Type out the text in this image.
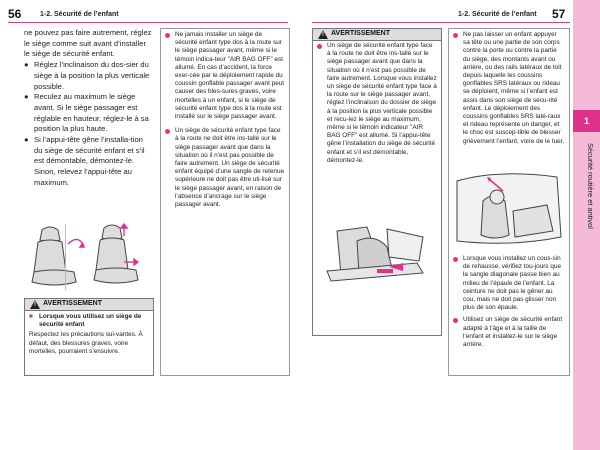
56	1-2. Sécurité de l’enfant	1-2. Sécurité de l’enfant 57
1
Sécurité routière et antivol
ne pouvez pas faire autrement, réglez le siège comme suit avant d’installer le siège de sécurité enfant.
● Réglez l’inclinaison du dos-sier du siège à la position la plus verticale possible.
● Reculez au maximum le siège avant. Si le siège passager est réglable en hauteur, réglez-le à sa position la plus haute.
● Si l’appui-tête gêne l’installa-tion du siège de sécurité enfant et s’il est démontable, démontez-le. Sinon, relevez l’appui-tête au maximum.
! AVERTISSEMENT
■ Lorsque vous utilisez un siège de sécurité enfant
Respectez les précautions sui-vantes. À défaut, des blessures graves, voire mortelles, pourraient s’ensuivre.
Ne jamais installer un siège de sécurité enfant type dos à la route sur le siège passager avant, même si le témoin indica-teur "AIR BAG OFF" est allumé. En cas d’accident, la force exer-cée par le déploiement rapide du coussin gonflable passager avant peut causer des bles-sures graves, voire mortelles à un enfant, si le siège de sécurité enfant type dos à la route est installé sur le siège passager avant.
Un siège de sécurité enfant type face à la route ne doit être ins-tallé sur le siège passager avant que dans la situation où il n’est pas possible de faire autrement. Un siège de sécurité enfant équipé d’une sangle de retenue supérieure ne doit pas être uti-lisé sur le siège passager avant, en raison de l’absence d’ancrage sur le siège passager avant.
! AVERTISSEMENT
Un siège de sécurité enfant type face à la route ne doit être ins-tallé sur le siège passager avant que dans la situation où il n’est pas possible de faire autrement. Lorsque vous installez un siège de sécurité enfant type face à la route sur le siège passager avant, réglez l’inclinaison du dossier de siège à la position la plus verticale possible et recu-lez le siège au maximum, même si le témoin indicateur "AIR BAG OFF" est allumé. Si l’appui-tête gêne l’installation du siège de sécurité enfant et s’il est démontable, démontez-le.
Ne pas laisser un enfant appuyer sa tête ou une partie de son corps contre la porte ou contre la partie du siège, des montants avant ou arrière, ou des rails latéraux de toit depuis laquelle les coussins gonflables SRS latéraux ou rideau se déploient, même si l’enfant est assis dans son siège de sécu-rité enfant. Le déploiement des coussins gonflables SRS laté-raux et rideau représente un danger, et le choc est suscep-tible de blesser grièvement l’enfant, voire de le tuer.
Lorsque vous installez un cous-sin de rehausse, vérifiez tou-jours que la sangle diagonale passe bien au milieu de l’épaule de l’enfant. La ceinture ne doit pas le gêner au cou, mais ne doit pas glisser non plus de son épaule.
Utilisez un siège de sécurité enfant adapté à l’âge et à la taille de l’enfant et installez-le sur le siège arrière.
